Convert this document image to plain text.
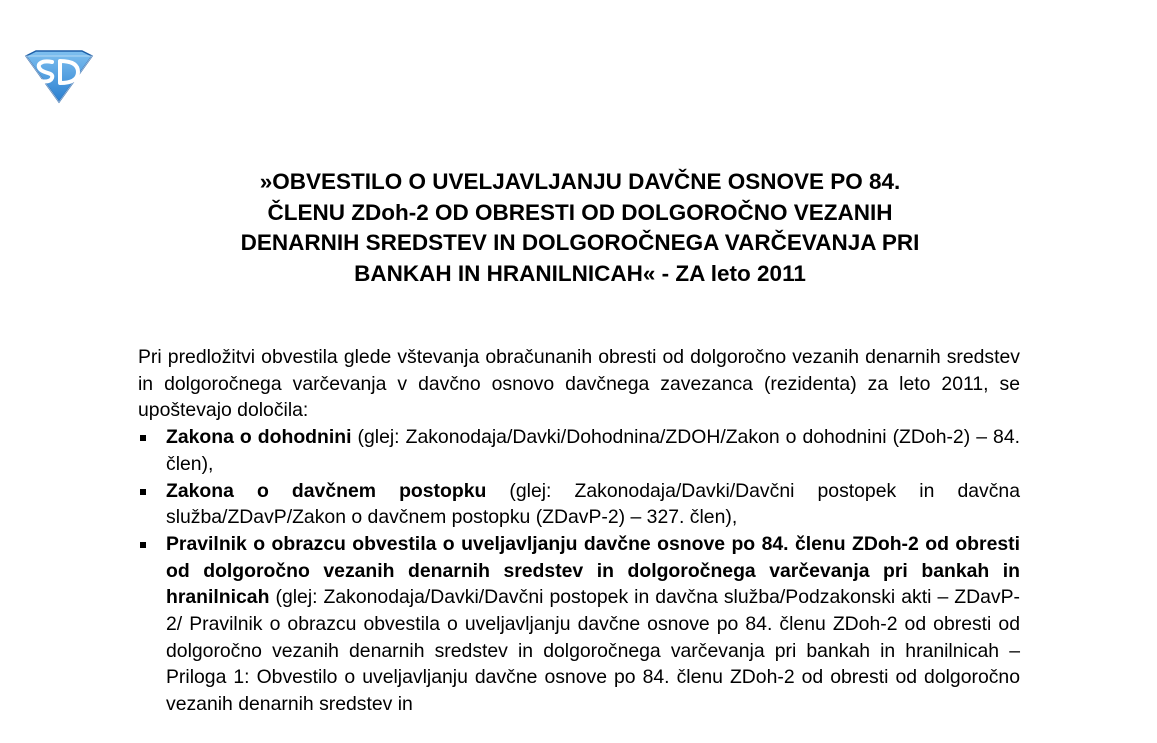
»OBVESTILO O UVELJAVLJANJU DAVČNE OSNOVE PO 84.
ČLENU ZDoh-2 OD OBRESTI OD DOLGOROČNO VEZANIH
DENARNIH SREDSTEV IN DOLGOROČNEGA VARČEVANJA PRI
BANKAH IN HRANILNICAH« - ZA leto 2011

Pri predložitvi obvestila glede vštevanja obračunanih obresti od dolgoročno vezanih denarnih sredstev in dolgoročnega varčevanja v davčno osnovo davčnega zavezanca (rezidenta) za leto 2011, se upoštevajo določila:

Zakona o dohodnini (glej: Zakonodaja/Davki/Dohodnina/ZDOH/Zakon o dohodnini (ZDoh-2) – 84. člen),
Zakona o davčnem postopku (glej: Zakonodaja/Davki/Davčni postopek in davčna služba/ZDavP/Zakon o davčnem postopku (ZDavP-2) – 327. člen),
Pravilnik o obrazcu obvestila o uveljavljanju davčne osnove po 84. členu ZDoh-2 od obresti od dolgoročno vezanih denarnih sredstev in dolgoročnega varčevanja pri bankah in hranilnicah (glej: Zakonodaja/Davki/Davčni postopek in davčna služba/Podzakonski akti – ZDavP-2/ Pravilnik o obrazcu obvestila o uveljavljanju davčne osnove po 84. členu ZDoh-2 od obresti od dolgoročno vezanih denarnih sredstev in dolgoročnega varčevanja pri bankah in hranilnicah – Priloga 1: Obvestilo o uveljavljanju davčne osnove po 84. členu ZDoh-2 od obresti od dolgoročno vezanih denarnih sredstev in
